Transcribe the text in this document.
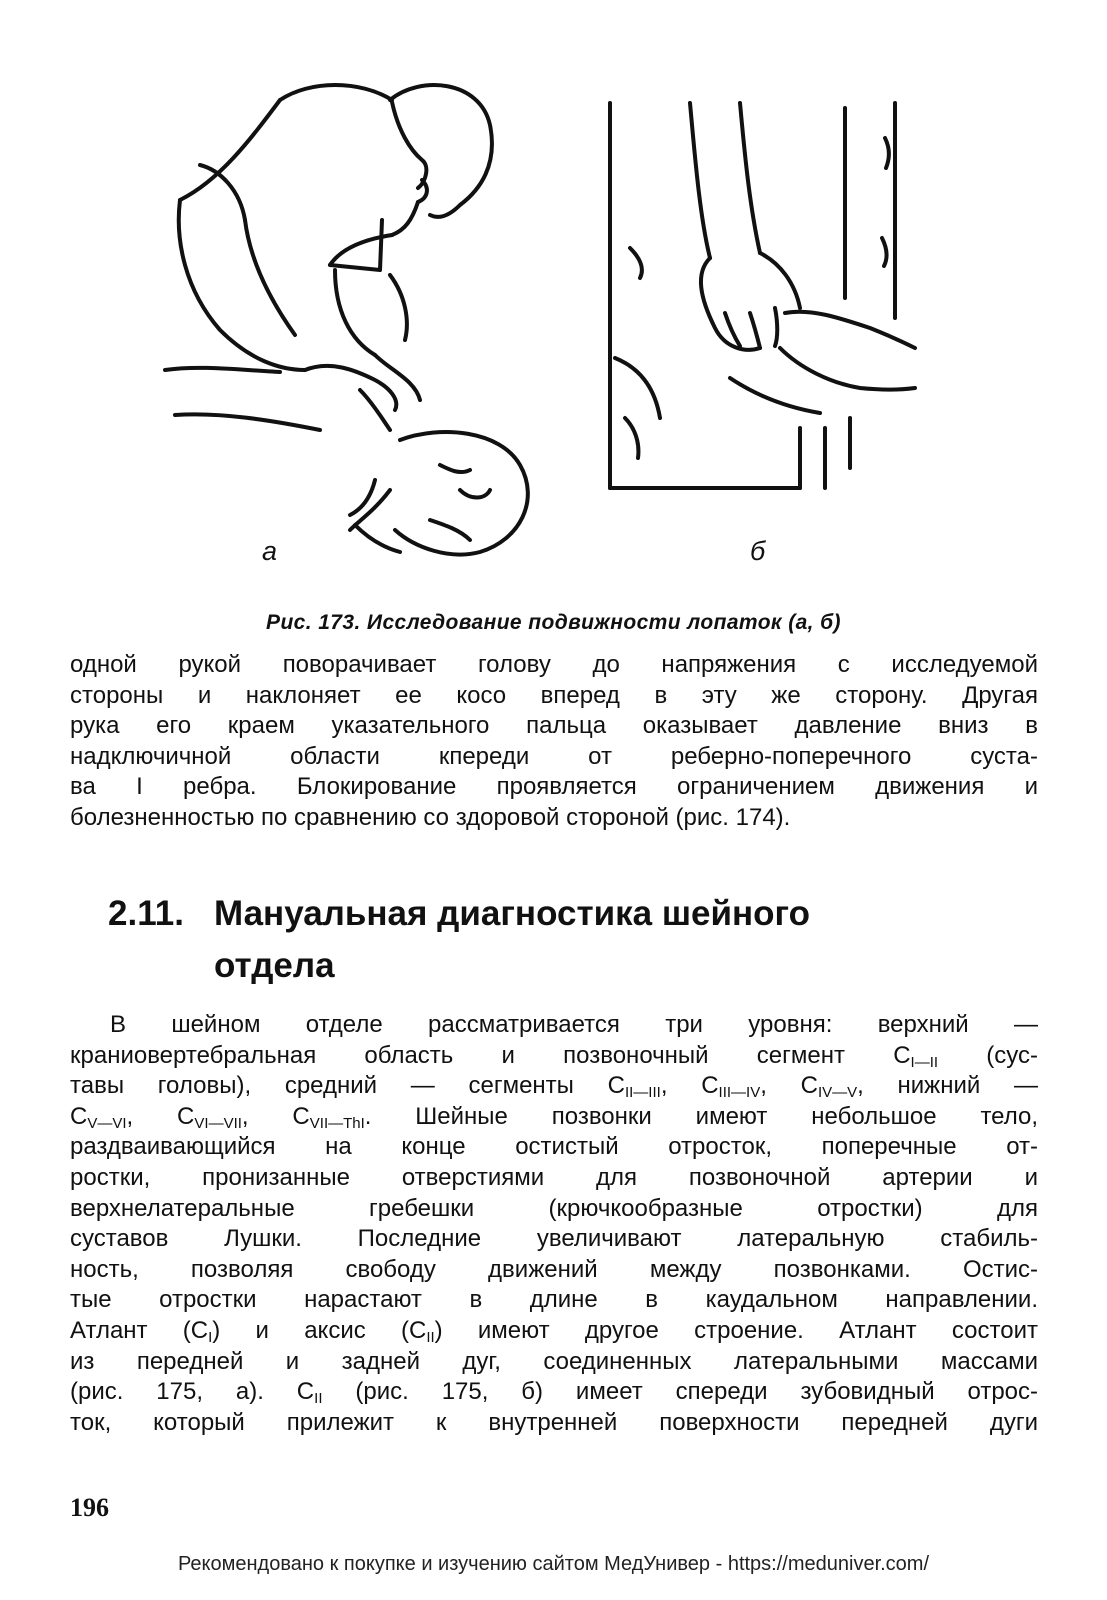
а	б
Рис. 173. Исследование подвижности лопаток (а, б)
одной рукой поворачивает голову до напряжения с исследуемой
стороны и наклоняет ее косо вперед в эту же сторону. Другая
рука его краем указательного пальца оказывает давление вниз в
надключичной области кпереди от реберно-поперечного суста-
ва I ребра. Блокирование проявляется ограничением движения и
болезненностью по сравнению со здоровой стороной (рис. 174).
2.11. Мануальная диагностика шейного
отдела
В шейном отделе рассматривается три уровня: верхний —
краниовертебральная область и позвоночный сегмент $C_{I—II}$ (сус-
тавы головы), средний — сегменты $C_{II—III}$, $C_{III—IV}$, $C_{IV—V}$, нижний —
$C_{V—VI}$, $C_{VI—VII}$, $C_{VII—ThI}$. Шейные позвонки имеют небольшое тело,
раздваивающийся на конце остистый отросток, поперечные от-
ростки, пронизанные отверстиями для позвоночной артерии и
верхнелатеральные гребешки (крючкообразные отростки) для
суставов Лушки. Последние увеличивают латеральную стабиль-
ность, позволяя свободу движений между позвонками. Остис-
тые отростки нарастают в длине в каудальном направлении.
Атлант $(C_I)$ и аксис $(C_{II})$ имеют другое строение. Атлант состоит
из передней и задней дуг, соединенных латеральными массами
(рис. 175, а). $C_{II}$ (рис. 175, б) имеет спереди зубовидный отрос-
ток, который прилежит к внутренней поверхности передней дуги
196
Рекомендовано к покупке и изучению сайтом МедУнивер - https://meduniver.com/
